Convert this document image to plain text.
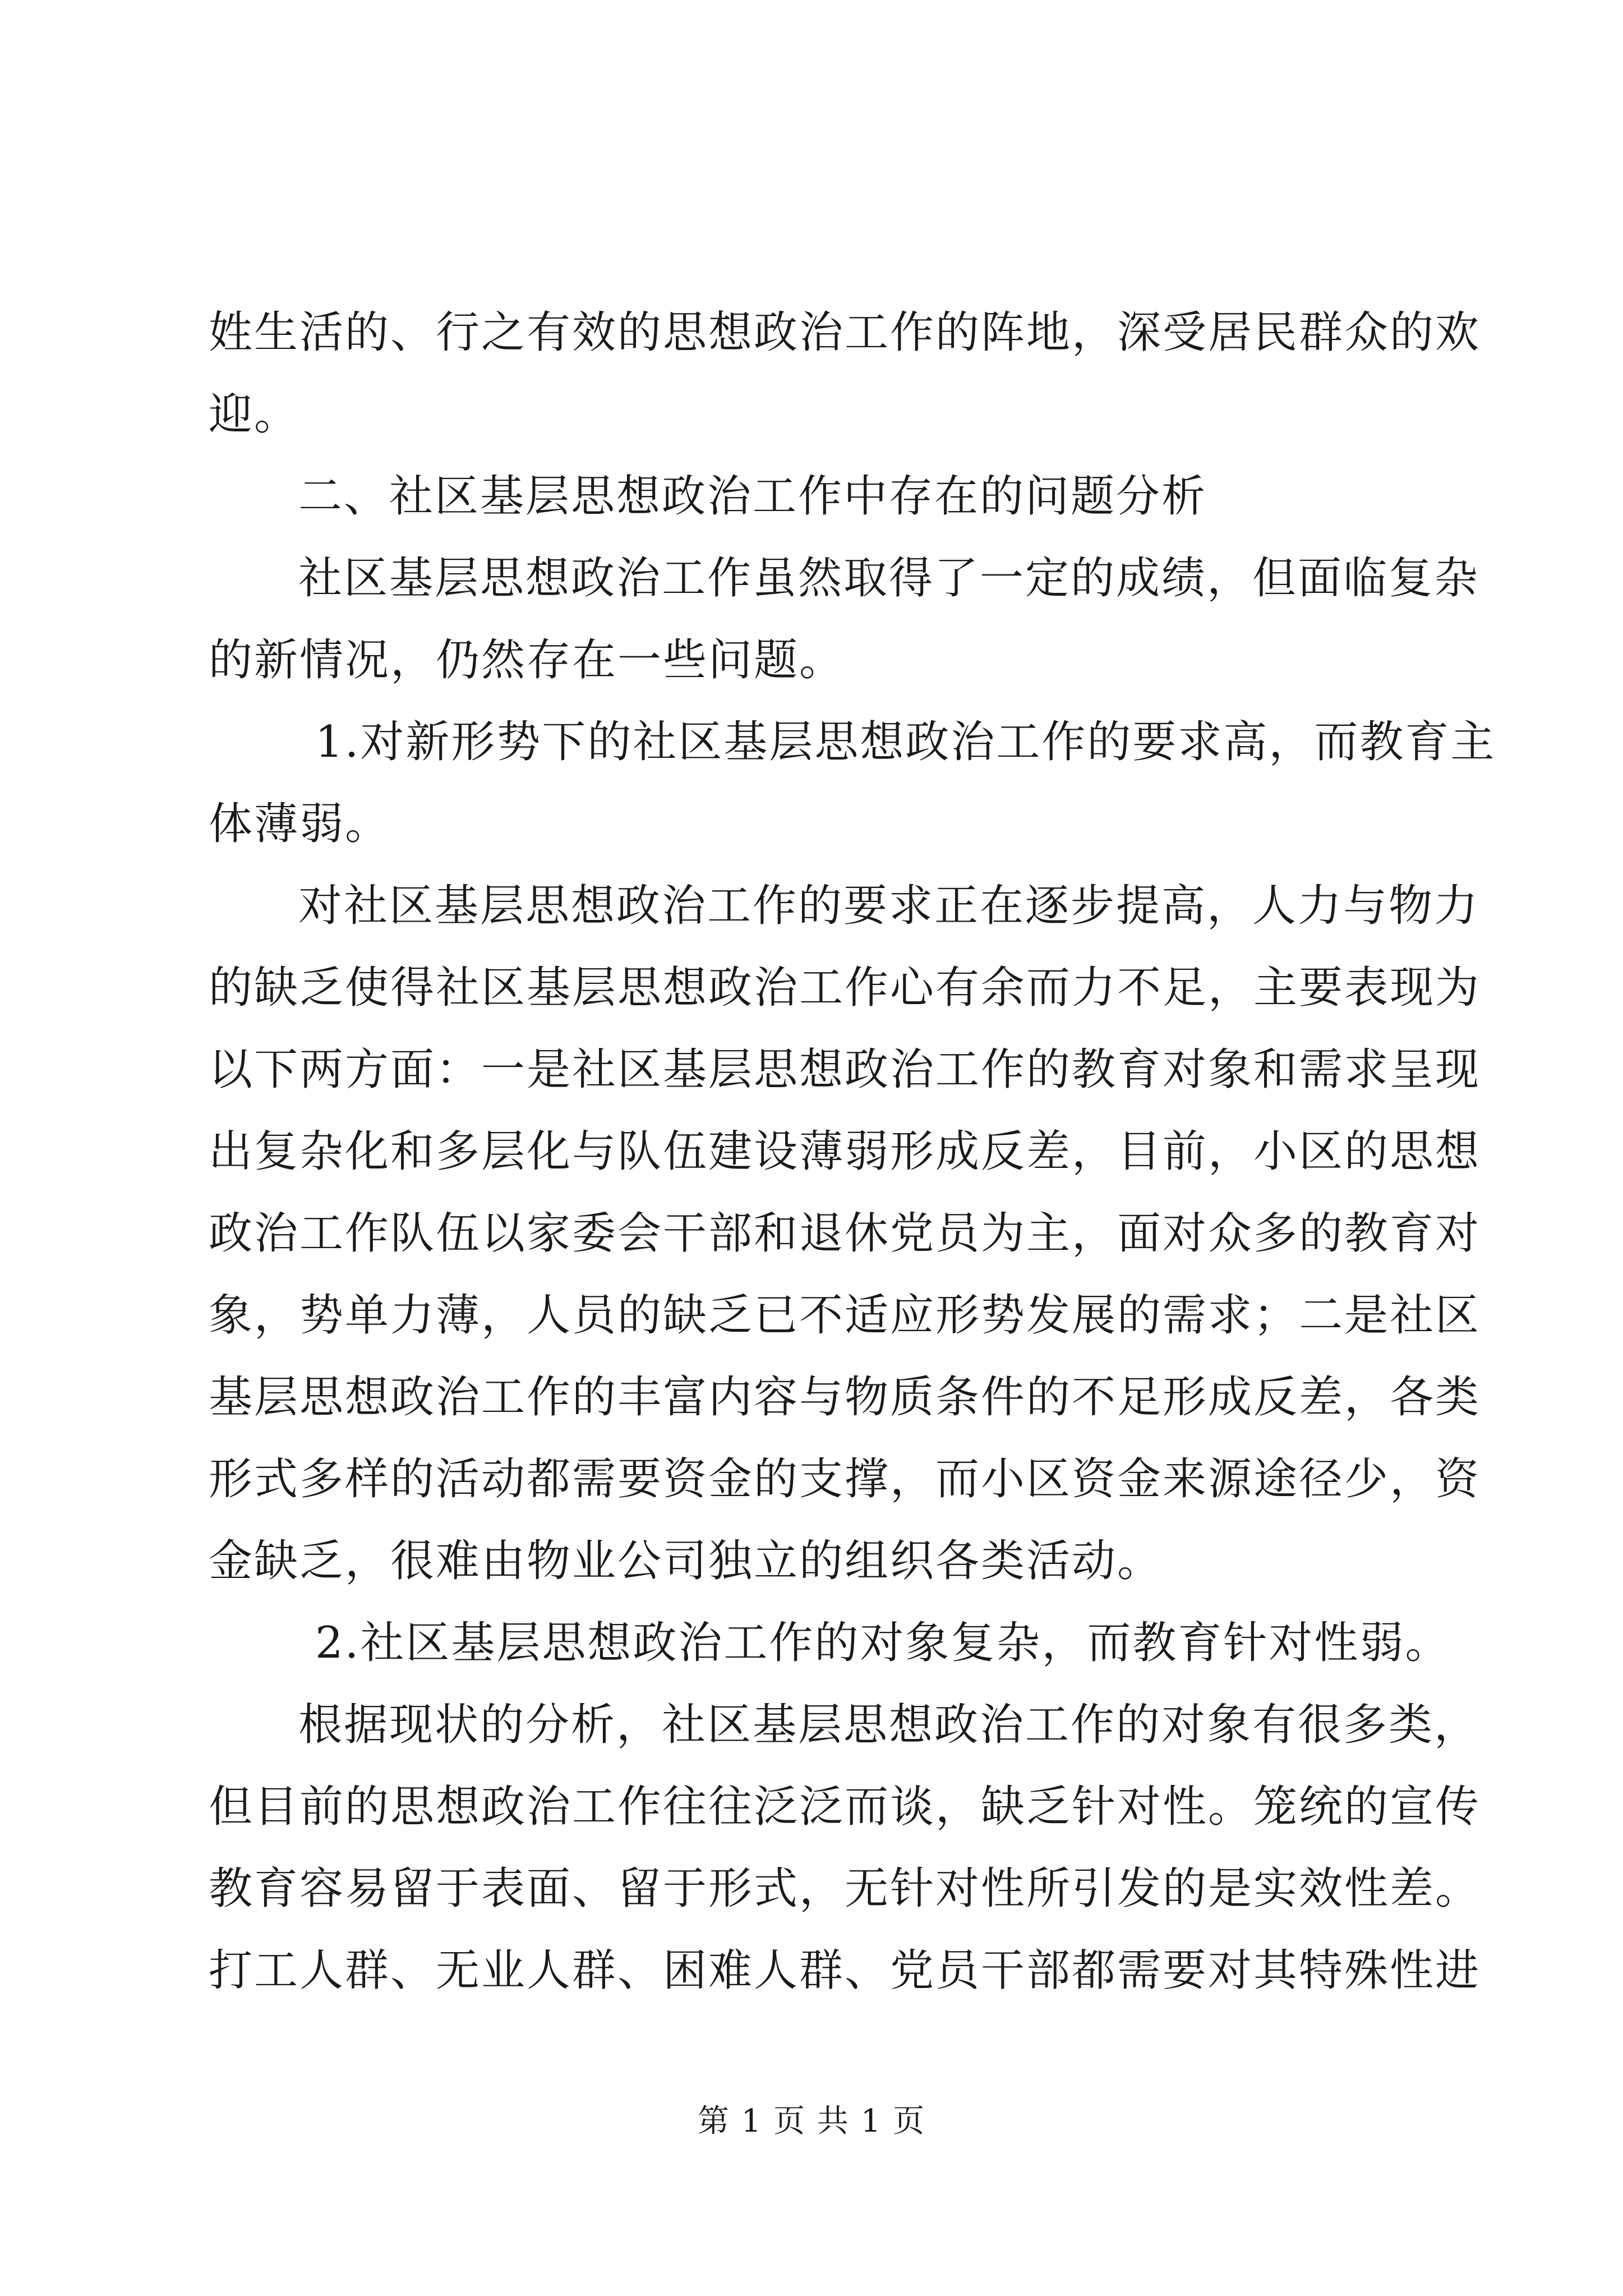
姓生活的、行之有效的思想政治工作的阵地，深受居民群众的欢
迎。
二、社区基层思想政治工作中存在的问题分析
社区基层思想政治工作虽然取得了一定的成绩，但面临复杂
的新情况，仍然存在一些问题。
1.对新形势下的社区基层思想政治工作的要求高，而教育主
体薄弱。
对社区基层思想政治工作的要求正在逐步提高，人力与物力
的缺乏使得社区基层思想政治工作心有余而力不足，主要表现为
以下两方面：一是社区基层思想政治工作的教育对象和需求呈现
出复杂化和多层化与队伍建设薄弱形成反差，目前，小区的思想
政治工作队伍以家委会干部和退休党员为主，面对众多的教育对
象，势单力薄，人员的缺乏已不适应形势发展的需求；二是社区
基层思想政治工作的丰富内容与物质条件的不足形成反差，各类
形式多样的活动都需要资金的支撑，而小区资金来源途径少，资
金缺乏，很难由物业公司独立的组织各类活动。
2.社区基层思想政治工作的对象复杂，而教育针对性弱。
根据现状的分析，社区基层思想政治工作的对象有很多类，
但目前的思想政治工作往往泛泛而谈，缺乏针对性。笼统的宣传
教育容易留于表面、留于形式，无针对性所引发的是实效性差。
打工人群、无业人群、困难人群、党员干部都需要对其特殊性进
第 1 页 共 1 页
